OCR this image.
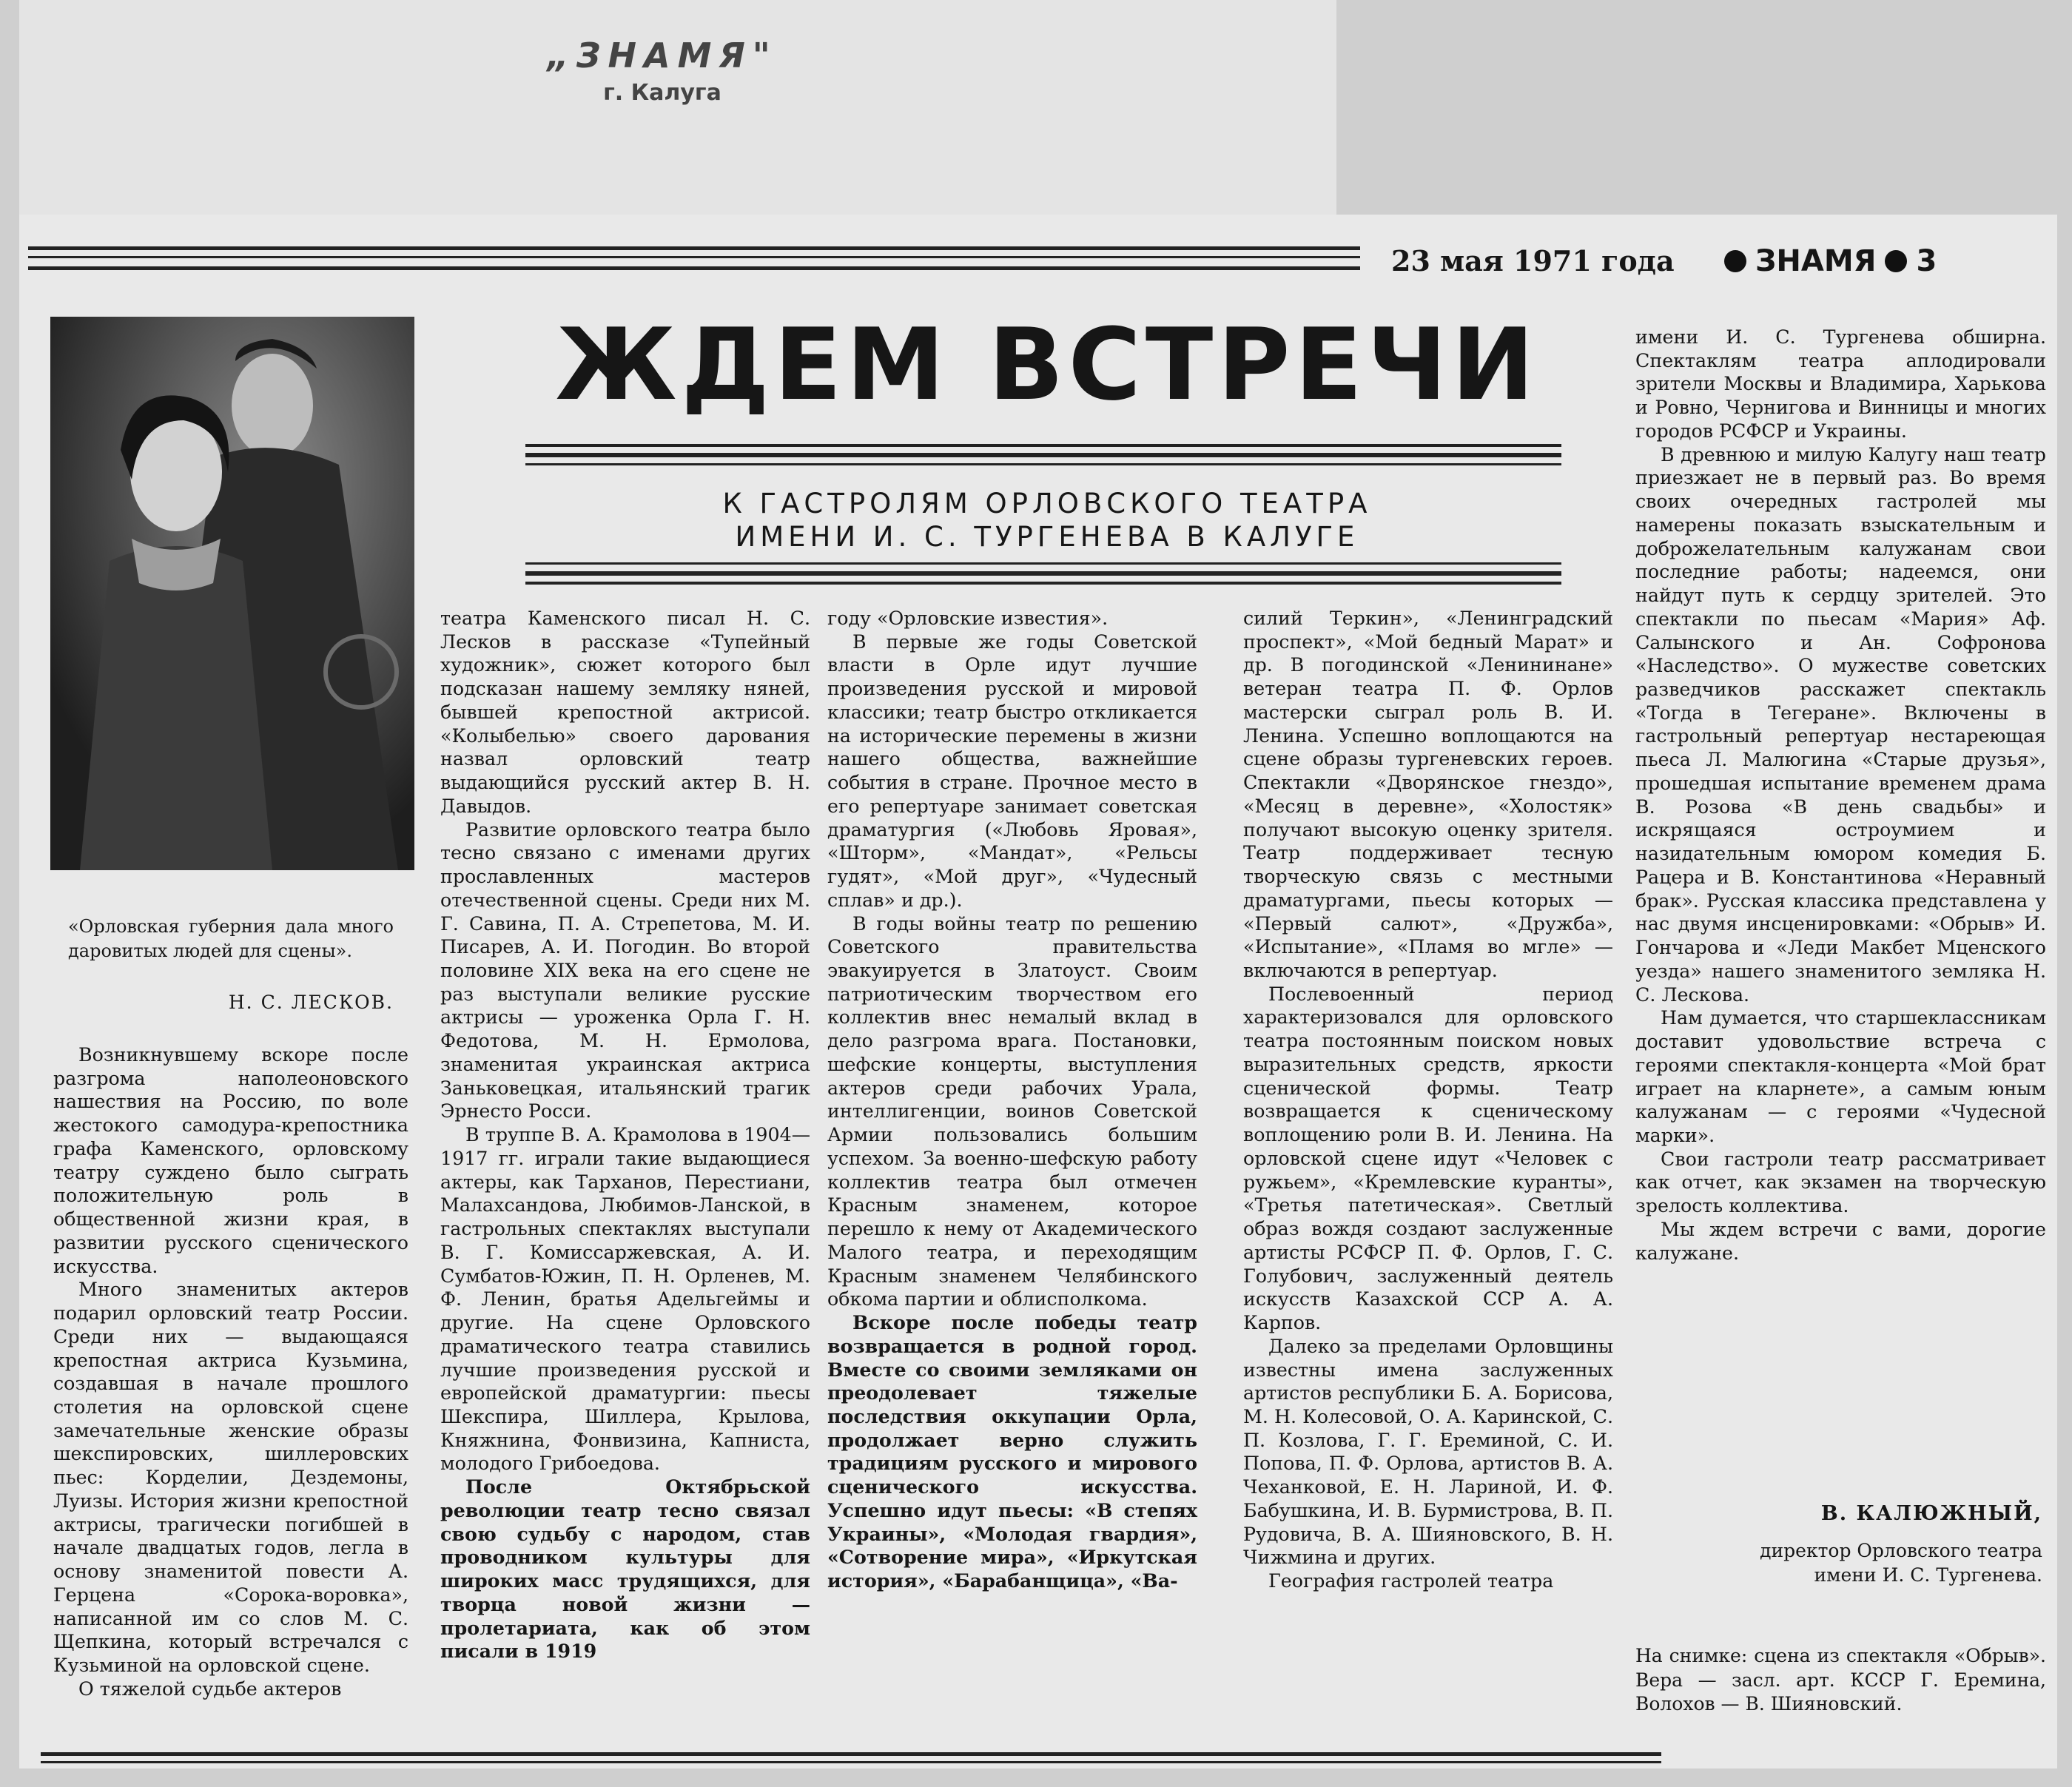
„ЗНАМЯ"
г. Калуга
23 мая 1971 года	ЗНАМЯ 3
«Орловская губерния дала много даровитых людей для сцены».
Н. С. ЛЕСКОВ.
ЖДЕМ ВСТРЕЧИ
К ГАСТРОЛЯМ ОРЛОВСКОГО ТЕАТРА
ИМЕНИ И. С. ТУРГЕНЕВА В КАЛУГЕ

Возникнувшему вскоре после разгрома наполеоновского нашествия на Россию, по воле жестокого самодура-крепостника графа Каменского, орловскому театру суждено было сыграть положительную роль в общественной жизни края, в развитии русского сценического искусства.

Много знаменитых актеров подарил орловский театр России. Среди них — выдающаяся крепостная актриса Кузьмина, создавшая в начале прошлого столетия на орловской сцене замечательные женские образы шекспировских, шиллеровских пьес: Корделии, Дездемоны, Луизы. История жизни крепостной актрисы, трагически погибшей в начале двадцатых годов, легла в основу знаменитой повести А. Герцена «Сорока-воровка», написанной им со слов М. С. Щепкина, который встречался с Кузьминой на орловской сцене.

О тяжелой судьбе актеров

театра Каменского писал Н. С. Лесков в рассказе «Тупейный художник», сюжет которого был подсказан нашему земляку няней, бывшей крепостной актрисой. «Колыбелью» своего дарования назвал орловский театр выдающийся русский актер В. Н. Давыдов.

Развитие орловского театра было тесно связано с именами других прославленных мастеров отечественной сцены. Среди них М. Г. Савина, П. А. Стрепетова, М. И. Писарев, А. И. Погодин. Во второй половине XIX века на его сцене не раз выступали великие русские актрисы — уроженка Орла Г. Н. Федотова, М. Н. Ермолова, знаменитая украинская актриса Заньковецкая, итальянский трагик Эрнесто Росси.

В труппе В. А. Крамолова в 1904—1917 гг. играли такие выдающиеся актеры, как Тарханов, Перестиани, Малахсандова, Любимов-Ланской, в гастрольных спектаклях выступали В. Г. Комиссаржевская, А. И. Сумбатов-Южин, П. Н. Орленев, М. Ф. Ленин, братья Адельгеймы и другие. На сцене Орловского драматического театра ставились лучшие произведения русской и европейской драматургии: пьесы Шекспира, Шиллера, Крылова, Княжнина, Фонвизина, Капниста, молодого Грибоедова.

После Октябрьской революции театр тесно связал свою судьбу с народом, став проводником культуры для широких масс трудящихся, для творца новой жизни — пролетариата, как об этом писали в 1919

году «Орловские известия».

В первые же годы Советской власти в Орле идут лучшие произведения русской и мировой классики; театр быстро откликается на исторические перемены в жизни нашего общества, важнейшие события в стране. Прочное место в его репертуаре занимает советская драматургия («Любовь Яровая», «Шторм», «Мандат», «Рельсы гудят», «Мой друг», «Чудесный сплав» и др.).

В годы войны театр по решению Советского правительства эвакуируется в Златоуст. Своим патриотическим творчеством его коллектив внес немалый вклад в дело разгрома врага. Постановки, шефские концерты, выступления актеров среди рабочих Урала, интеллигенции, воинов Советской Армии пользовались большим успехом. За военно-шефскую работу коллектив театра был отмечен Красным знаменем, которое перешло к нему от Академического Малого театра, и переходящим Красным знаменем Челябинского обкома партии и облисполкома.

Вскоре после победы театр возвращается в родной город. Вместе со своими земляками он преодолевает тяжелые последствия оккупации Орла, продолжает верно служить традициям русского и мирового сценического искусства. Успешно идут пьесы: «В степях Украины», «Молодая гвардия», «Сотворение мира», «Иркутская история», «Барабанщица», «Ва-

силий Теркин», «Ленинградский проспект», «Мой бедный Марат» и др. В погодинской «Ленининане» ветеран театра П. Ф. Орлов мастерски сыграл роль В. И. Ленина. Успешно воплощаются на сцене образы тургеневских героев. Спектакли «Дворянское гнездо», «Месяц в деревне», «Холостяк» получают высокую оценку зрителя. Театр поддерживает тесную творческую связь с местными драматургами, пьесы которых — «Первый салют», «Дружба», «Испытание», «Пламя во мгле» — включаются в репертуар.

Послевоенный период характеризовался для орловского театра постоянным поиском новых выразительных средств, яркости сценической формы. Театр возвращается к сценическому воплощению роли В. И. Ленина. На орловской сцене идут «Человек с ружьем», «Кремлевские куранты», «Третья патетическая». Светлый образ вождя создают заслуженные артисты РСФСР П. Ф. Орлов, Г. С. Голубович, заслуженный деятель искусств Казахской ССР А. А. Карпов.

Далеко за пределами Орловщины известны имена заслуженных артистов республики Б. А. Борисова, М. Н. Колесовой, О. А. Каринской, С. П. Козлова, Г. Г. Ереминой, С. И. Попова, П. Ф. Орлова, артистов В. А. Чеханковой, Е. Н. Лариной, И. Ф. Бабушкина, И. В. Бурмистрова, В. П. Рудовича, В. А. Шияновского, В. Н. Чижмина и других.

География гастролей театра

имени И. С. Тургенева обширна. Спектаклям театра аплодировали зрители Москвы и Владимира, Харькова и Ровно, Чернигова и Винницы и многих городов РСФСР и Украины.

В древнюю и милую Калугу наш театр приезжает не в первый раз. Во время своих очередных гастролей мы намерены показать взыскательным и доброжелательным калужанам свои последние работы; надеемся, они найдут путь к сердцу зрителей. Это спектакли по пьесам «Мария» Аф. Салынского и Ан. Софронова «Наследство». О мужестве советских разведчиков расскажет спектакль «Тогда в Тегеране». Включены в гастрольный репертуар нестареющая пьеса Л. Малюгина «Старые друзья», прошедшая испытание временем драма В. Розова «В день свадьбы» и искрящаяся остроумием и назидательным юмором комедия Б. Рацера и В. Константинова «Неравный брак». Русская классика представлена у нас двумя инсценировками: «Обрыв» И. Гончарова и «Леди Макбет Мценского уезда» нашего знаменитого земляка Н. С. Лескова.

Нам думается, что старшеклассникам доставит удовольствие встреча с героями спектакля-концерта «Мой брат играет на кларнете», а самым юным калужанам — с героями «Чудесной марки».

Свои гастроли театр рассматривает как отчет, как экзамен на творческую зрелость коллектива.

Мы ждем встречи с вами, дорогие калужане.

В. КАЛЮЖНЫЙ,
директор Орловского театра
имени И. С. Тургенева.
На снимке: сцена из спектакля «Обрыв». Вера — засл. арт. КССР Г. Еремина, Волохов — В. Шияновский.
